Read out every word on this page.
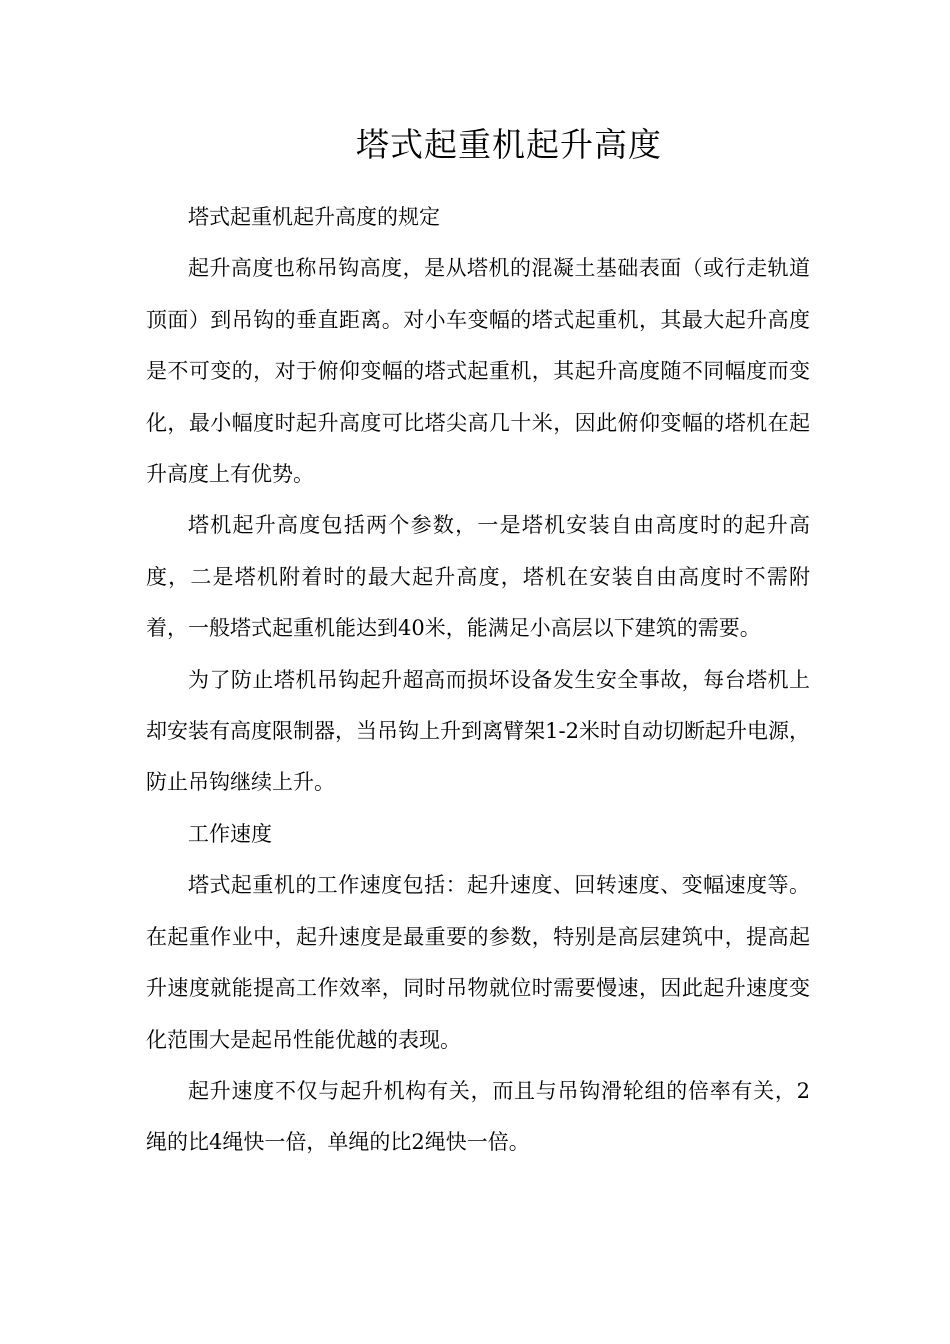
塔式起重机起升高度

塔式起重机起升高度的规定

起升高度也称吊钩高度，是从塔机的混凝土基础表面（或行走轨道顶面）到吊钩的垂直距离。对小车变幅的塔式起重机，其最大起升高度是不可变的，对于俯仰变幅的塔式起重机，其起升高度随不同幅度而变化，最小幅度时起升高度可比塔尖高几十米，因此俯仰变幅的塔机在起升高度上有优势。

塔机起升高度包括两个参数，一是塔机安装自由高度时的起升高度，二是塔机附着时的最大起升高度，塔机在安装自由高度时不需附着，一般塔式起重机能达到40米，能满足小高层以下建筑的需要。

为了防止塔机吊钩起升超高而损坏设备发生安全事故，每台塔机上却安装有高度限制器，当吊钩上升到离臂架1-2米时自动切断起升电源，防止吊钩继续上升。

工作速度

塔式起重机的工作速度包括：起升速度、回转速度、变幅速度等。在起重作业中，起升速度是最重要的参数，特别是高层建筑中，提高起升速度就能提高工作效率，同时吊物就位时需要慢速，因此起升速度变化范围大是起吊性能优越的表现。

起升速度不仅与起升机构有关，而且与吊钩滑轮组的倍率有关，2绳的比4绳快一倍，单绳的比2绳快一倍。
